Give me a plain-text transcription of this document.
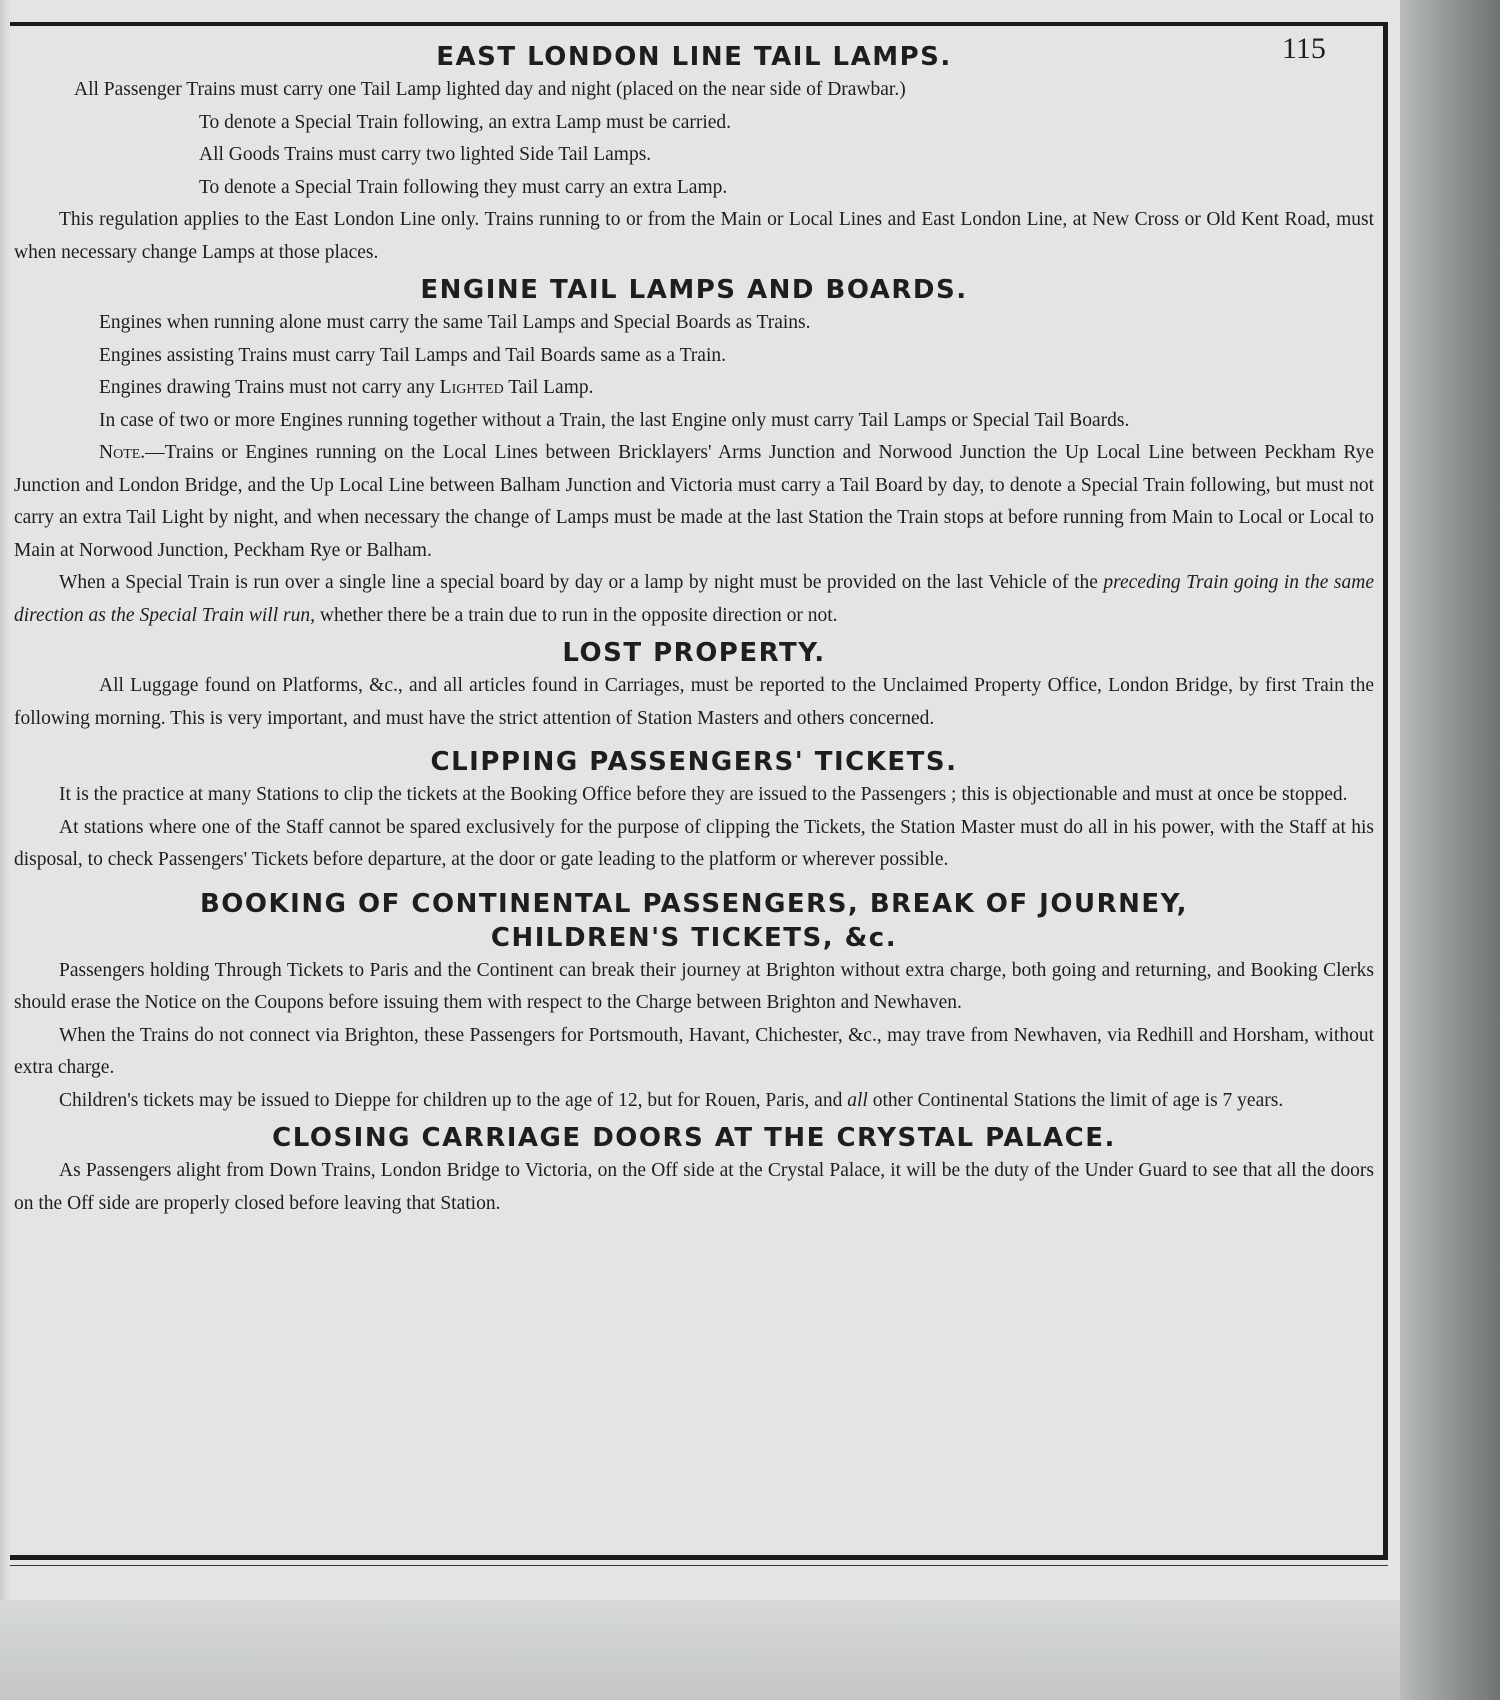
115
EAST LONDON LINE TAIL LAMPS.

All Passenger Trains must carry one Tail Lamp lighted day and night (placed on the near side of Drawbar.)

To denote a Special Train following, an extra Lamp must be carried.

All Goods Trains must carry two lighted Side Tail Lamps.

To denote a Special Train following they must carry an extra Lamp.

This regulation applies to the East London Line only. Trains running to or from the Main or Local Lines and East London Line, at New Cross or Old Kent Road, must when necessary change Lamps at those places.

ENGINE TAIL LAMPS AND BOARDS.

Engines when running alone must carry the same Tail Lamps and Special Boards as Trains.

Engines assisting Trains must carry Tail Lamps and Tail Boards same as a Train.

Engines drawing Trains must not carry any Lighted Tail Lamp.

In case of two or more Engines running together without a Train, the last Engine only must carry Tail Lamps or Special Tail Boards.

Note.—Trains or Engines running on the Local Lines between Bricklayers' Arms Junction and Norwood Junction the Up Local Line between Peckham Rye Junction and London Bridge, and the Up Local Line between Balham Junction and Victoria must carry a Tail Board by day, to denote a Special Train following, but must not carry an extra Tail Light by night, and when necessary the change of Lamps must be made at the last Station the Train stops at before running from Main to Local or Local to Main at Norwood Junction, Peckham Rye or Balham.

When a Special Train is run over a single line a special board by day or a lamp by night must be provided on the last Vehicle of the preceding Train going in the same direction as the Special Train will run, whether there be a train due to run in the opposite direction or not.

LOST PROPERTY.

All Luggage found on Platforms, &c., and all articles found in Carriages, must be reported to the Unclaimed Property Office, London Bridge, by first Train the following morning. This is very important, and must have the strict attention of Station Masters and others concerned.

CLIPPING PASSENGERS' TICKETS.

It is the practice at many Stations to clip the tickets at the Booking Office before they are issued to the Passengers ; this is objectionable and must at once be stopped.

At stations where one of the Staff cannot be spared exclusively for the purpose of clipping the Tickets, the Station Master must do all in his power, with the Staff at his disposal, to check Passengers' Tickets before departure, at the door or gate leading to the platform or wherever possible.

BOOKING OF CONTINENTAL PASSENGERS, BREAK OF JOURNEY,
CHILDREN'S TICKETS, &c.

Passengers holding Through Tickets to Paris and the Continent can break their journey at Brighton without extra charge, both going and returning, and Booking Clerks should erase the Notice on the Coupons before issuing them with respect to the Charge between Brighton and Newhaven.

When the Trains do not connect via Brighton, these Passengers for Portsmouth, Havant, Chichester, &c., may trave from Newhaven, via Redhill and Horsham, without extra charge.

Children's tickets may be issued to Dieppe for children up to the age of 12, but for Rouen, Paris, and all other Continental Stations the limit of age is 7 years.

CLOSING CARRIAGE DOORS AT THE CRYSTAL PALACE.

As Passengers alight from Down Trains, London Bridge to Victoria, on the Off side at the Crystal Palace, it will be the duty of the Under Guard to see that all the doors on the Off side are properly closed before leaving that Station.
